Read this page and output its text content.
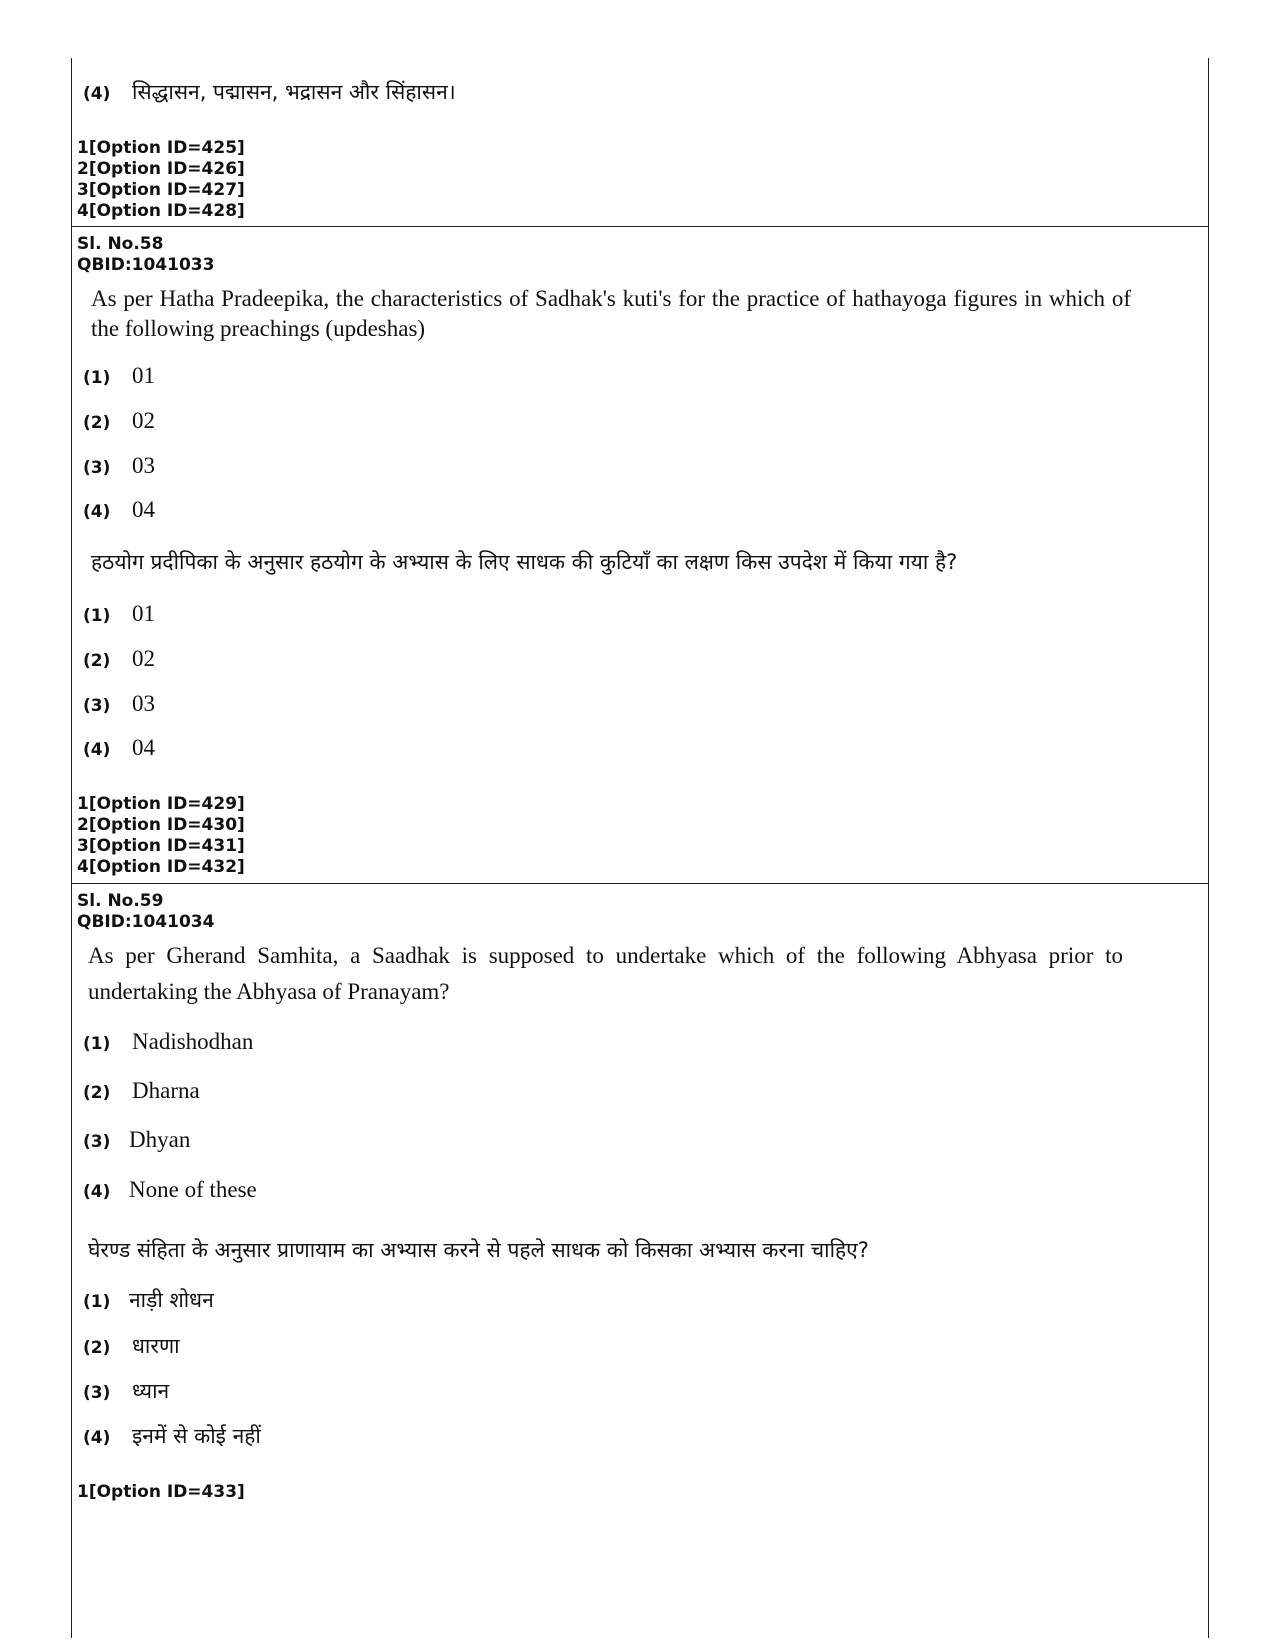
(4)	सिद्धासन, पद्मासन, भद्रासन और सिंहासन।
1[Option ID=425]
2[Option ID=426]
3[Option ID=427]
4[Option ID=428]
Sl. No.58
QBID:1041033
As per Hatha Pradeepika, the characteristics of Sadhak's kuti's for the practice of hathayoga figures in which of the following preachings (updeshas)
(1) 01
(2) 02
(3) 03
(4) 04
हठयोग प्रदीपिका के अनुसार हठयोग के अभ्यास के लिए साधक की कुटियाँ का लक्षण किस उपदेश में किया गया है?
(1) 01
(2) 02
(3) 03
(4) 04
1[Option ID=429]
2[Option ID=430]
3[Option ID=431]
4[Option ID=432]
Sl. No.59
QBID:1041034
As per Gherand Samhita, a Saadhak is supposed to undertake which of the following Abhyasa prior to undertaking the Abhyasa of Pranayam?
(1) Nadishodhan
(2) Dharna
(3) Dhyan
(4) None of these
घेरण्ड संहिता के अनुसार प्राणायाम का अभ्यास करने से पहले साधक को किसका अभ्यास करना चाहिए?
(1) नाड़ी शोधन
(2)	धारणा
(3)	ध्यान
(4)	इनमें से कोई नहीं
1[Option ID=433]
